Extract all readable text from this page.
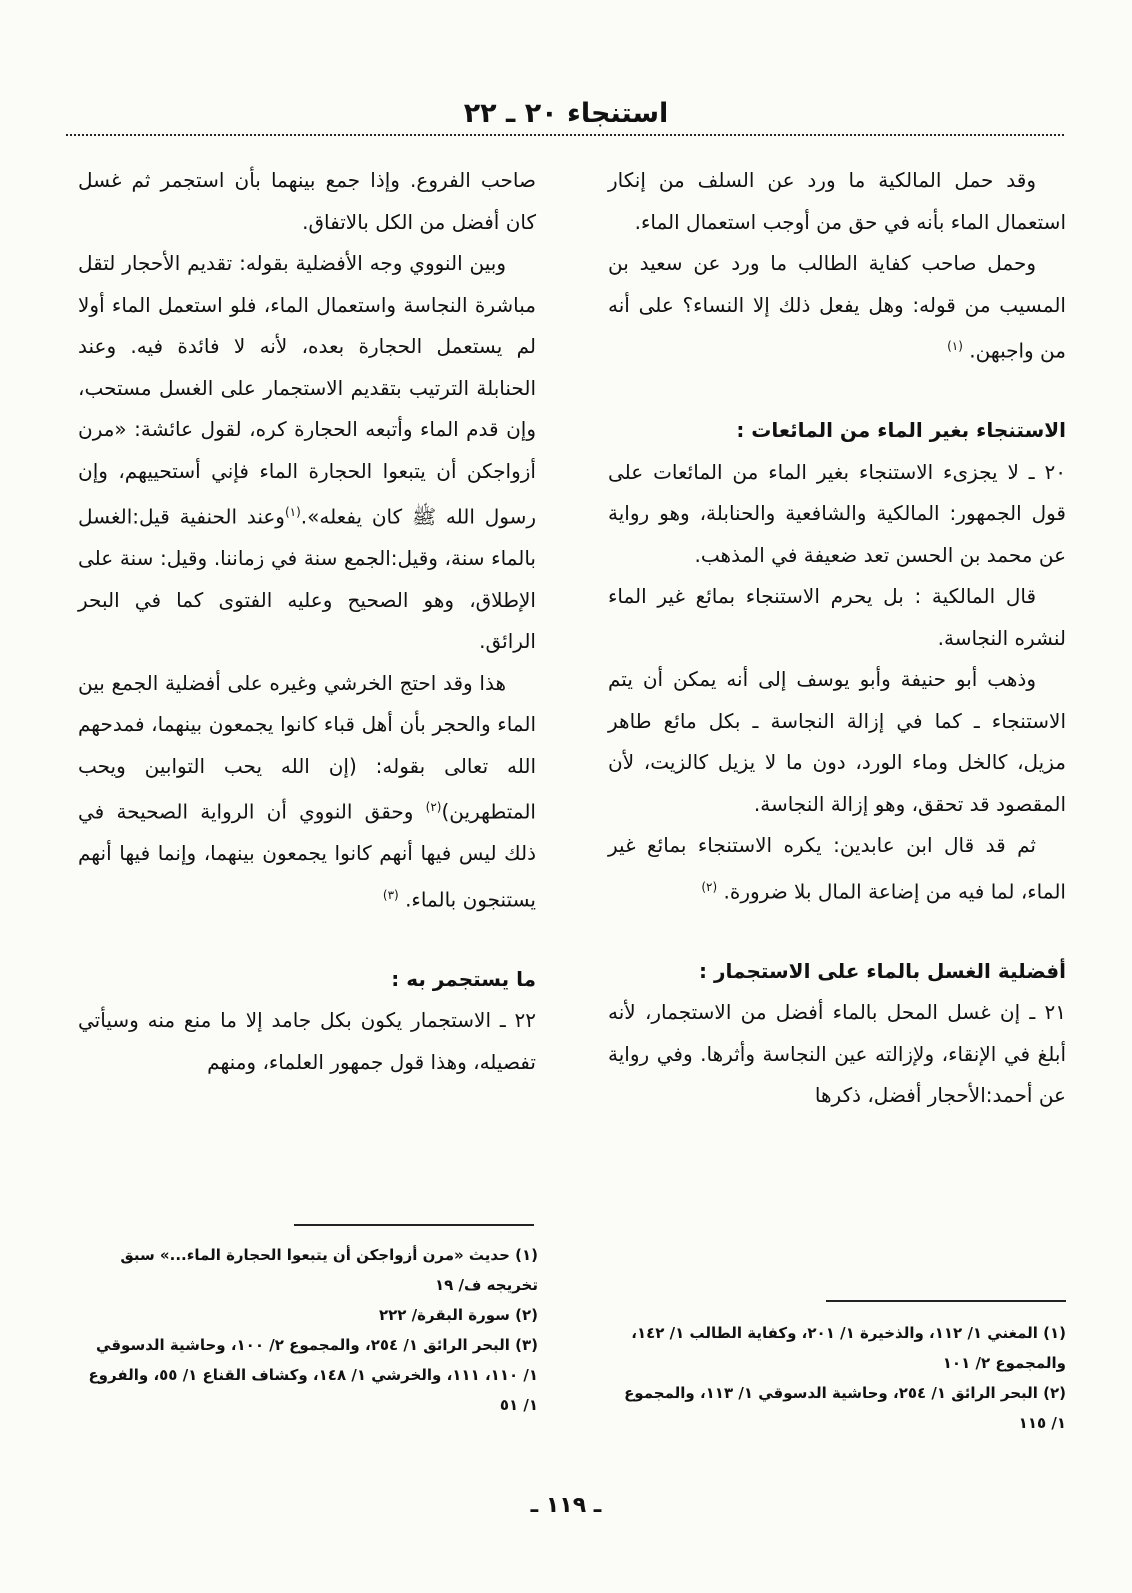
استنجاء ٢٠ ـ ٢٢

وقد حمل المالكية ما ورد عن السلف من إنكار استعمال الماء بأنه في حق من أوجب استعمال الماء.

وحمل صاحب كفاية الطالب ما ورد عن سعيد بن المسيب من قوله: وهل يفعل ذلك إلا النساء؟ على أنه من واجبهن. $^{(١)}$

الاستنجاء بغير الماء من المائعات :

٢٠ ـ لا يجزىء الاستنجاء بغير الماء من المائعات على قول الجمهور: المالكية والشافعية والحنابلة، وهو رواية عن محمد بن الحسن تعد ضعيفة في المذهب.

قال المالكية : بل يحرم الاستنجاء بمائع غير الماء لنشره النجاسة.

وذهب أبو حنيفة وأبو يوسف إلى أنه يمكن أن يتم الاستنجاء ـ كما في إزالة النجاسة ـ بكل مائع طاهر مزيل، كالخل وماء الورد، دون ما لا يزيل كالزيت، لأن المقصود قد تحقق، وهو إزالة النجاسة.

ثم قد قال ابن عابدين: يكره الاستنجاء بمائع غير الماء، لما فيه من إضاعة المال بلا ضرورة. $^{(٢)}$

أفضلية الغسل بالماء على الاستجمار :

٢١ ـ إن غسل المحل بالماء أفضل من الاستجمار، لأنه أبلغ في الإنقاء، ولإزالته عين النجاسة وأثرها. وفي رواية عن أحمد:الأحجار أفضل، ذكرها

(١) المغني ١/ ١١٢، والذخيرة ١/ ٢٠١، وكفاية الطالب ١/ ١٤٢، والمجموع ٢/ ١٠١
(٢) البحر الرائق ١/ ٢٥٤، وحاشية الدسوقي ١/ ١١٣، والمجموع ١/ ١١٥

صاحب الفروع. وإذا جمع بينهما بأن استجمر ثم غسل كان أفضل من الكل بالاتفاق.

وبين النووي وجه الأفضلية بقوله: تقديم الأحجار لتقل مباشرة النجاسة واستعمال الماء، فلو استعمل الماء أولا لم يستعمل الحجارة بعده، لأنه لا فائدة فيه. وعند الحنابلة الترتيب بتقديم الاستجمار على الغسل مستحب، وإن قدم الماء وأتبعه الحجارة كره، لقول عائشة: «مرن أزواجكن أن يتبعوا الحجارة الماء فإني أستحييهم، وإن رسول الله ﷺ كان يفعله».$^{(١)}$وعند الحنفية قيل:الغسل بالماء سنة، وقيل:الجمع سنة في زماننا. وقيل: سنة على الإطلاق، وهو الصحيح وعليه الفتوى كما في البحر الرائق.

هذا وقد احتج الخرشي وغيره على أفضلية الجمع بين الماء والحجر بأن أهل قباء كانوا يجمعون بينهما، فمدحهم الله تعالى بقوله: (إن الله يحب التوابين ويحب المتطهرين)$^{(٢)}$ وحقق النووي أن الرواية الصحيحة في ذلك ليس فيها أنهم كانوا يجمعون بينهما، وإنما فيها أنهم يستنجون بالماء. $^{(٣)}$

ما يستجمر به :

٢٢ ـ الاستجمار يكون بكل جامد إلا ما منع منه وسيأتي تفصيله، وهذا قول جمهور العلماء، ومنهم

(١) حديث «مرن أزواجكن أن يتبعوا الحجارة الماء...» سبق تخريجه ف/ ١٩
(٢) سورة البقرة/ ٢٢٢
(٣) البحر الرائق ١/ ٢٥٤، والمجموع ٢/ ١٠٠، وحاشية الدسوقي ١/ ١١٠، ١١١، والخرشي ١/ ١٤٨، وكشاف القناع ١/ ٥٥، والفروع ١/ ٥١
ـ ١١٩ ـ
